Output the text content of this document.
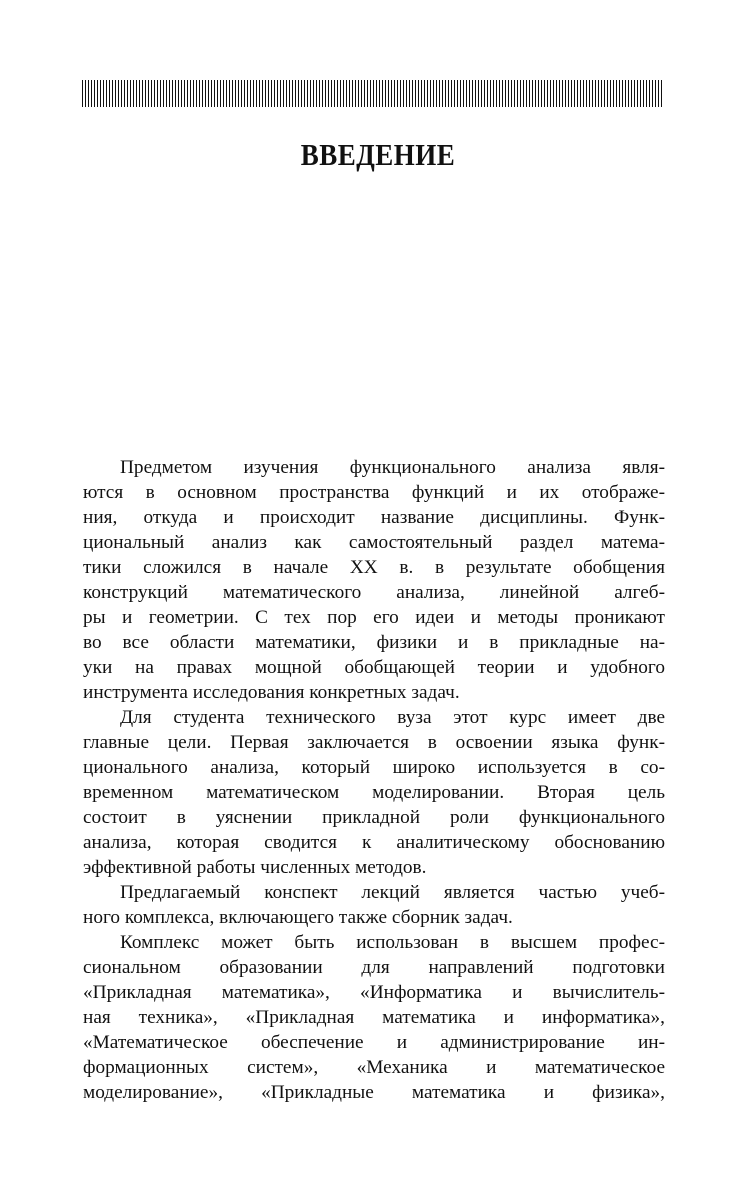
ВВЕДЕНИЕ
Предметом изучения функционального анализа явля-
ются в основном пространства функций и их отображе-
ния, откуда и происходит название дисциплины. Функ-
циональный анализ как самостоятельный раздел матема-
тики сложился в начале XX в. в результате обобщения
конструкций математического анализа, линейной алгеб-
ры и геометрии. С тех пор его идеи и методы проникают
во все области математики, физики и в прикладные на-
уки на правах мощной обобщающей теории и удобного
инструмента исследования конкретных задач.
Для студента технического вуза этот курс имеет две
главные цели. Первая заключается в освоении языка функ-
ционального анализа, который широко используется в со-
временном математическом моделировании. Вторая цель
состоит в уяснении прикладной роли функционального
анализа, которая сводится к аналитическому обоснованию
эффективной работы численных методов.
Предлагаемый конспект лекций является частью учеб-
ного комплекса, включающего также сборник задач.
Комплекс может быть использован в высшем профес-
сиональном образовании для направлений подготовки
«Прикладная математика», «Информатика и вычислитель-
ная техника», «Прикладная математика и информатика»,
«Математическое обеспечение и администрирование ин-
формационных систем», «Механика и математическое
моделирование», «Прикладные математика и физика»,
